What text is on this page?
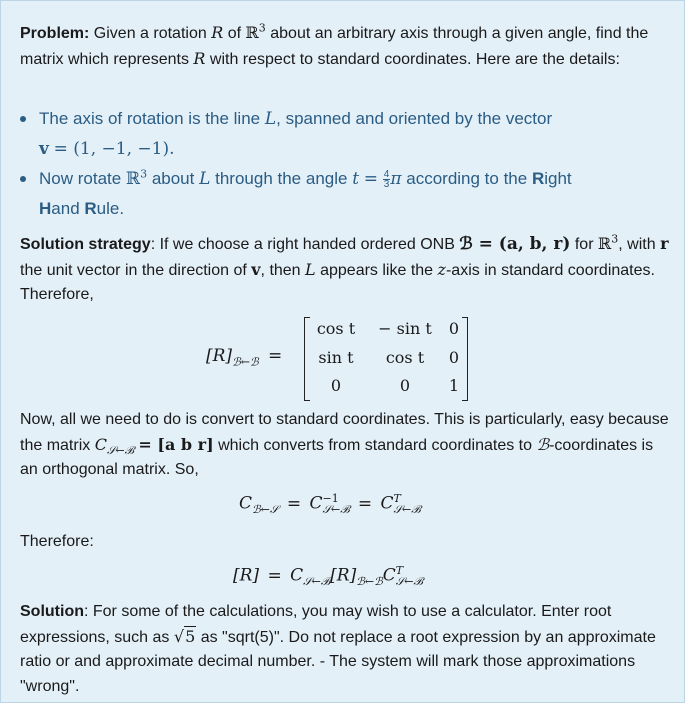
Problem: Given a rotation R of ℝ$^3$ about an arbitrary axis through a given angle, find the matrix which represents R with respect to standard coordinates. Here are the details:
The axis of rotation is the line L, spanned and oriented by the vector
v = (1, −1, −1).
Now rotate ℝ$^3$ about L through the angle $t = \frac{4}{3}$ π according to the Right
Hand Rule.
Solution strategy: If we choose a right handed ordered ONB ℬ = (a, b, r) for ℝ$^3$, with r the unit vector in the direction of v, then L appears like the z-axis in standard coordinates. Therefore,
$[R]_{ℬ\leftarrow ℬ}$ =
cos t	− sin t 0
sin t	cos t	0
0	0	1
Now, all we need to do is convert to standard coordinates. This is particularly, easy because the matrix $C_{𝒮\leftarrow ℬ} = [a$ b r] which converts from standard coordinates to ℬ-coordinates is an orthogonal matrix. So,
$C_{ℬ\leftarrow 𝒮} = C -1$
𝒮←ℬ = C T
𝒮←ℬ
Therefore:
$[R] = C_{𝒮\leftarrow ℬ}[R]_{ℬ\leftarrow ℬ}C$ T
𝒮←ℬ
Solution: For some of the calculations, you may wish to use a calculator. Enter root expressions, such as √5 as "sqrt(5)". Do not replace a root expression by an approximate ratio or and approximate decimal number. - The system will mark those approximations "wrong".
